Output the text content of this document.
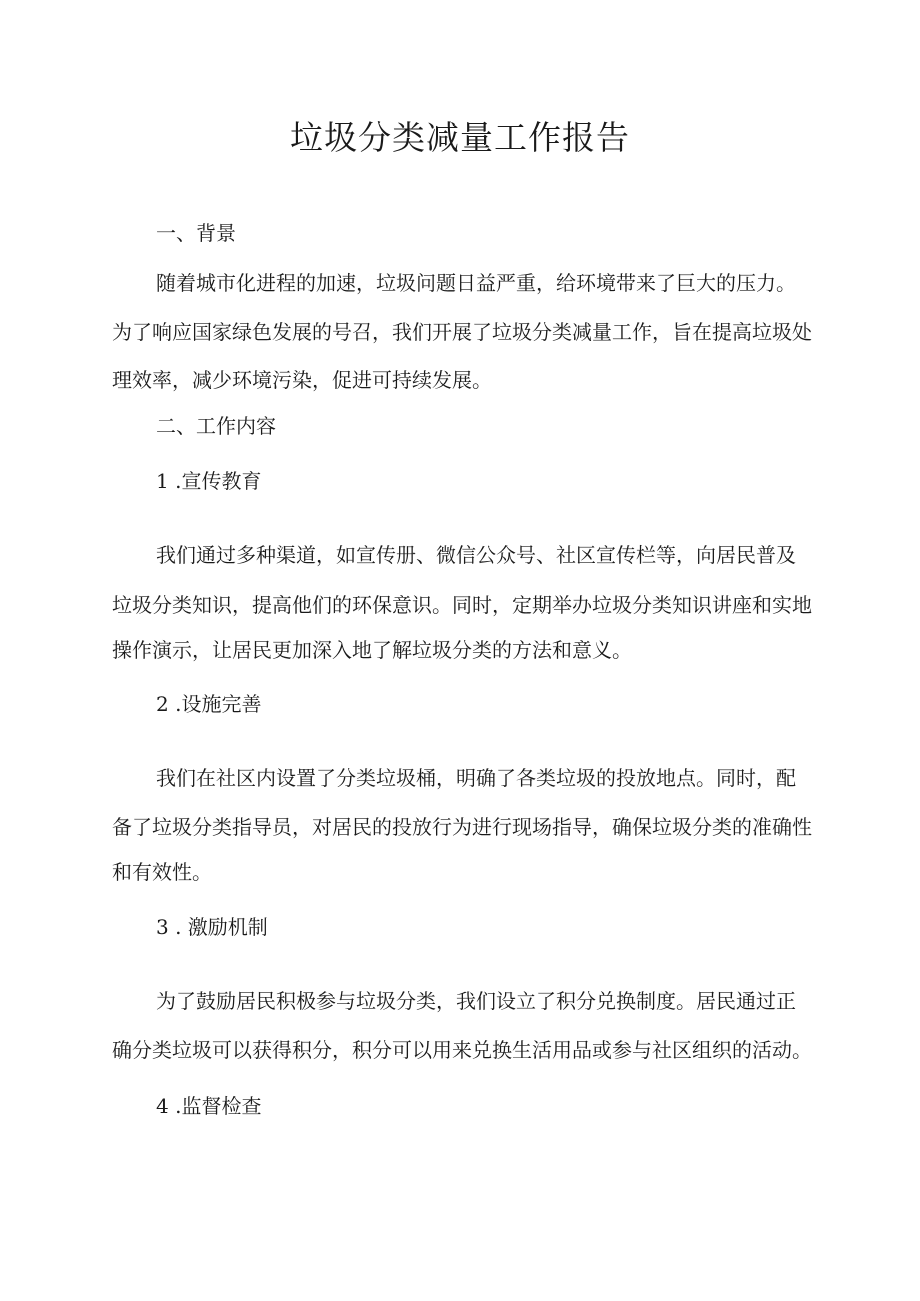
垃圾分类减量工作报告

一、背景

随着城市化进程的加速，垃圾问题日益严重，给环境带来了巨大的压力。

为了响应国家绿色发展的号召，我们开展了垃圾分类减量工作，旨在提高垃圾处

理效率，减少环境污染，促进可持续发展。

二、工作内容

1 .宣传教育

我们通过多种渠道，如宣传册、微信公众号、社区宣传栏等，向居民普及

垃圾分类知识，提高他们的环保意识。同时，定期举办垃圾分类知识讲座和实地

操作演示，让居民更加深入地了解垃圾分类的方法和意义。

2 .设施完善

我们在社区内设置了分类垃圾桶，明确了各类垃圾的投放地点。同时，配

备了垃圾分类指导员，对居民的投放行为进行现场指导，确保垃圾分类的准确性

和有效性。

3 . 激励机制

为了鼓励居民积极参与垃圾分类，我们设立了积分兑换制度。居民通过正

确分类垃圾可以获得积分，积分可以用来兑换生活用品或参与社区组织的活动。

4 .监督检查
